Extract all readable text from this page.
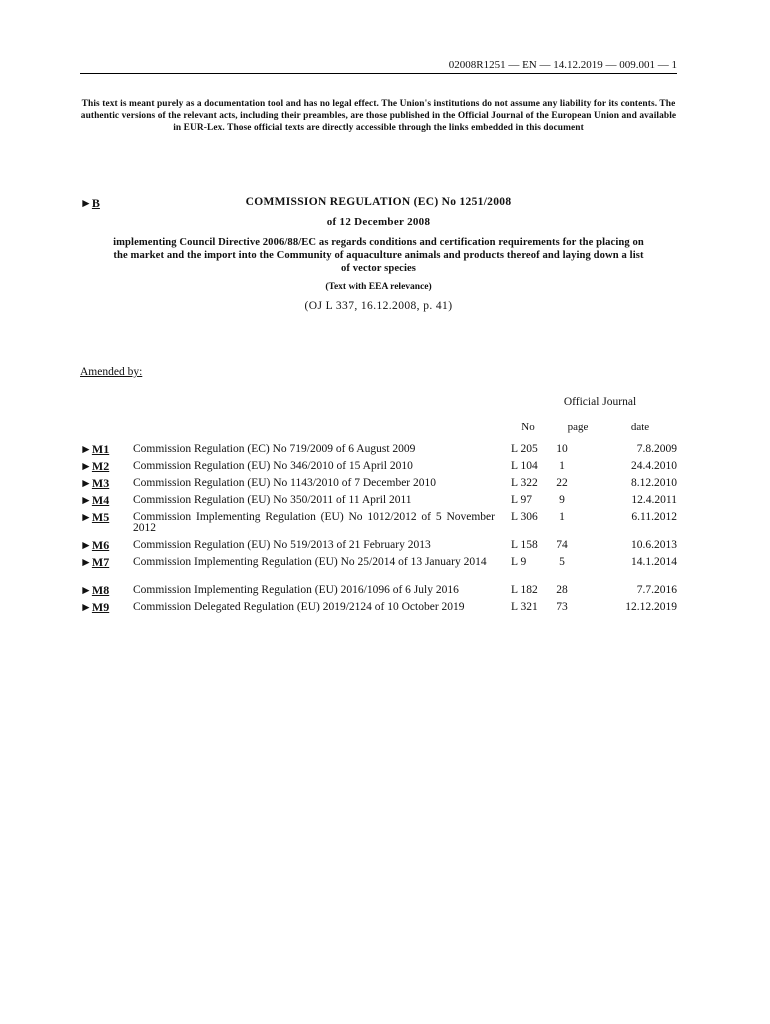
02008R1251 — EN — 14.12.2019 — 009.001 — 1
This text is meant purely as a documentation tool and has no legal effect. The Union's institutions do not assume any liability for its contents. The authentic versions of the relevant acts, including their preambles, are those published in the Official Journal of the European Union and available in EUR-Lex. Those official texts are directly accessible through the links embedded in this document
►B	COMMISSION REGULATION (EC) No 1251/2008
of 12 December 2008
implementing Council Directive 2006/88/EC as regards conditions and certification requirements for the placing on the market and the import into the Community of aquaculture animals and products thereof and laying down a list of vector species
(Text with EEA relevance)
(OJ L 337, 16.12.2008, p. 41)
Amended by:
Official Journal
No	page	date
►M1 Commission Regulation (EC) No 719/2009 of 6 August 2009	L 205	10	7.8.2009
►M2 Commission Regulation (EU) No 346/2010 of 15 April 2010	L 104	1	24.4.2010
►M3 Commission Regulation (EU) No 1143/2010 of 7 December 2010	L 322	22	8.12.2010
►M4 Commission Regulation (EU) No 350/2011 of 11 April 2011	L 97	9	12.4.2011
►M5 Commission Implementing Regulation (EU) No 1012/2012 of 5 November 2012
L 306	1	6.11.2012
►M6 Commission Regulation (EU) No 519/2013 of 21 February 2013	L 158	74	10.6.2013
►M7 Commission Implementing Regulation (EU) No 25/2014 of 13 January 2014	L 9	5	14.1.2014
►M8 Commission Implementing Regulation (EU) 2016/1096 of 6 July 2016	L 182	28	7.7.2016
►M9 Commission Delegated Regulation (EU) 2019/2124 of 10 October 2019	L 321	73	12.12.2019
